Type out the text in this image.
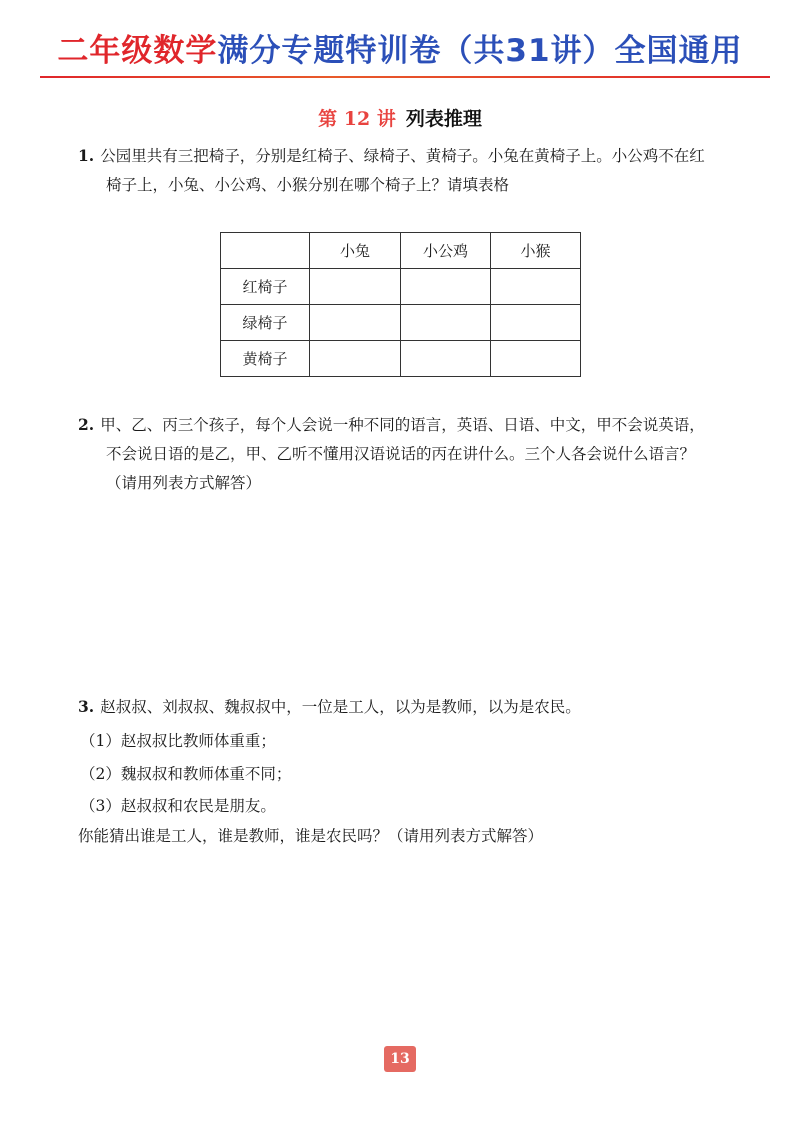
二年级数学满分专题特训卷（共31讲）全国通用
第 12 讲 列表推理
1. 公园里共有三把椅子，分别是红椅子、绿椅子、黄椅子。小兔在黄椅子上。小公鸡不在红
椅子上，小兔、小公鸡、小猴分别在哪个椅子上？请填表格
	小兔	小公鸡	小猴
红椅子			
绿椅子			
黄椅子			
2. 甲、乙、丙三个孩子，每个人会说一种不同的语言，英语、日语、中文，甲不会说英语，
不会说日语的是乙，甲、乙听不懂用汉语说话的丙在讲什么。三个人各会说什么语言？
（请用列表方式解答）
3. 赵叔叔、刘叔叔、魏叔叔中，一位是工人，以为是教师，以为是农民。
（1）赵叔叔比教师体重重；
（2）魏叔叔和教师体重不同；
（3）赵叔叔和农民是朋友。
你能猜出谁是工人，谁是教师，谁是农民吗？（请用列表方式解答）
13
